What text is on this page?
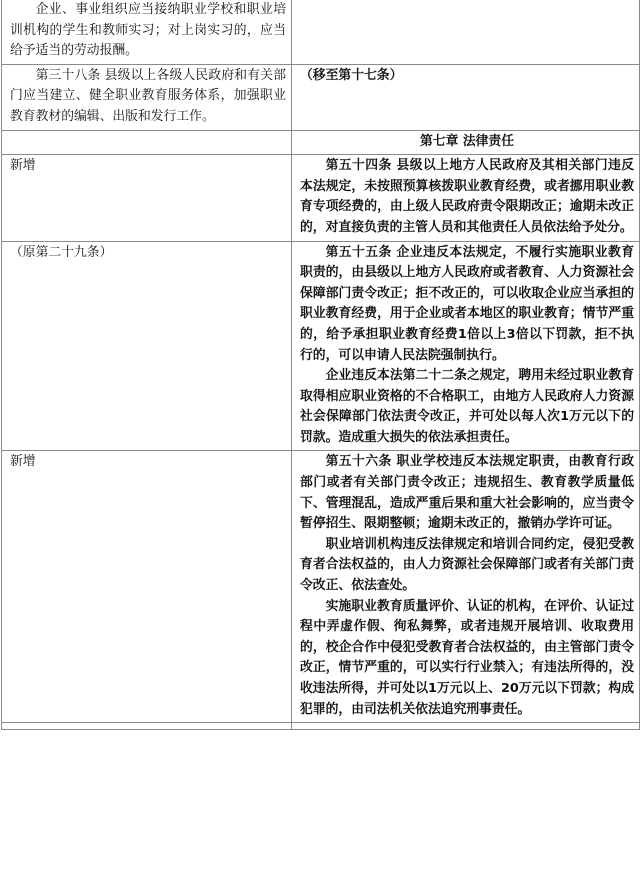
企业、事业组织应当接纳职业学校和职业培训机构的学生和教师实习；对上岗实习的，应当给予适当的劳动报酬。	

第三十八条 县级以上各级人民政府和有关部门应当建立、健全职业教育服务体系，加强职业教育教材的编辑、出版和发行工作。	（移至第十七条）
	第七章 法律责任
新增	第五十四条 县级以上地方人民政府及其相关部门违反本法规定，未按照预算核拨职业教育经费，或者挪用职业教育专项经费的，由上级人民政府责令限期改正；逾期未改正的，对直接负责的主管人员和其他责任人员依法给予处分。

（原第二十九条）	第五十五条 企业违反本法规定，不履行实施职业教育职责的，由县级以上地方人民政府或者教育、人力资源社会保障部门责令改正；拒不改正的，可以收取企业应当承担的职业教育经费，用于企业或者本地区的职业教育；情节严重的，给予承担职业教育经费1倍以上3倍以下罚款，拒不执行的，可以申请人民法院强制执行。

企业违反本法第二十二条之规定，聘用未经过职业教育取得相应职业资格的不合格职工，由地方人民政府人力资源社会保障部门依法责令改正，并可处以每人次1万元以下的罚款。造成重大损失的依法承担责任。

新增	第五十六条 职业学校违反本法规定职责，由教育行政部门或者有关部门责令改正；违规招生、教育教学质量低下、管理混乱，造成严重后果和重大社会影响的，应当责令暂停招生、限期整顿；逾期未改正的，撤销办学许可证。

职业培训机构违反法律规定和培训合同约定，侵犯受教育者合法权益的，由人力资源社会保障部门或者有关部门责令改正、依法查处。

实施职业教育质量评价、认证的机构，在评价、认证过程中弄虚作假、徇私舞弊，或者违规开展培训、收取费用的，校企合作中侵犯受教育者合法权益的，由主管部门责令改正，情节严重的，可以实行行业禁入；有违法所得的，没收违法所得，并可处以1万元以上、20万元以下罚款；构成犯罪的，由司法机关依法追究刑事责任。
